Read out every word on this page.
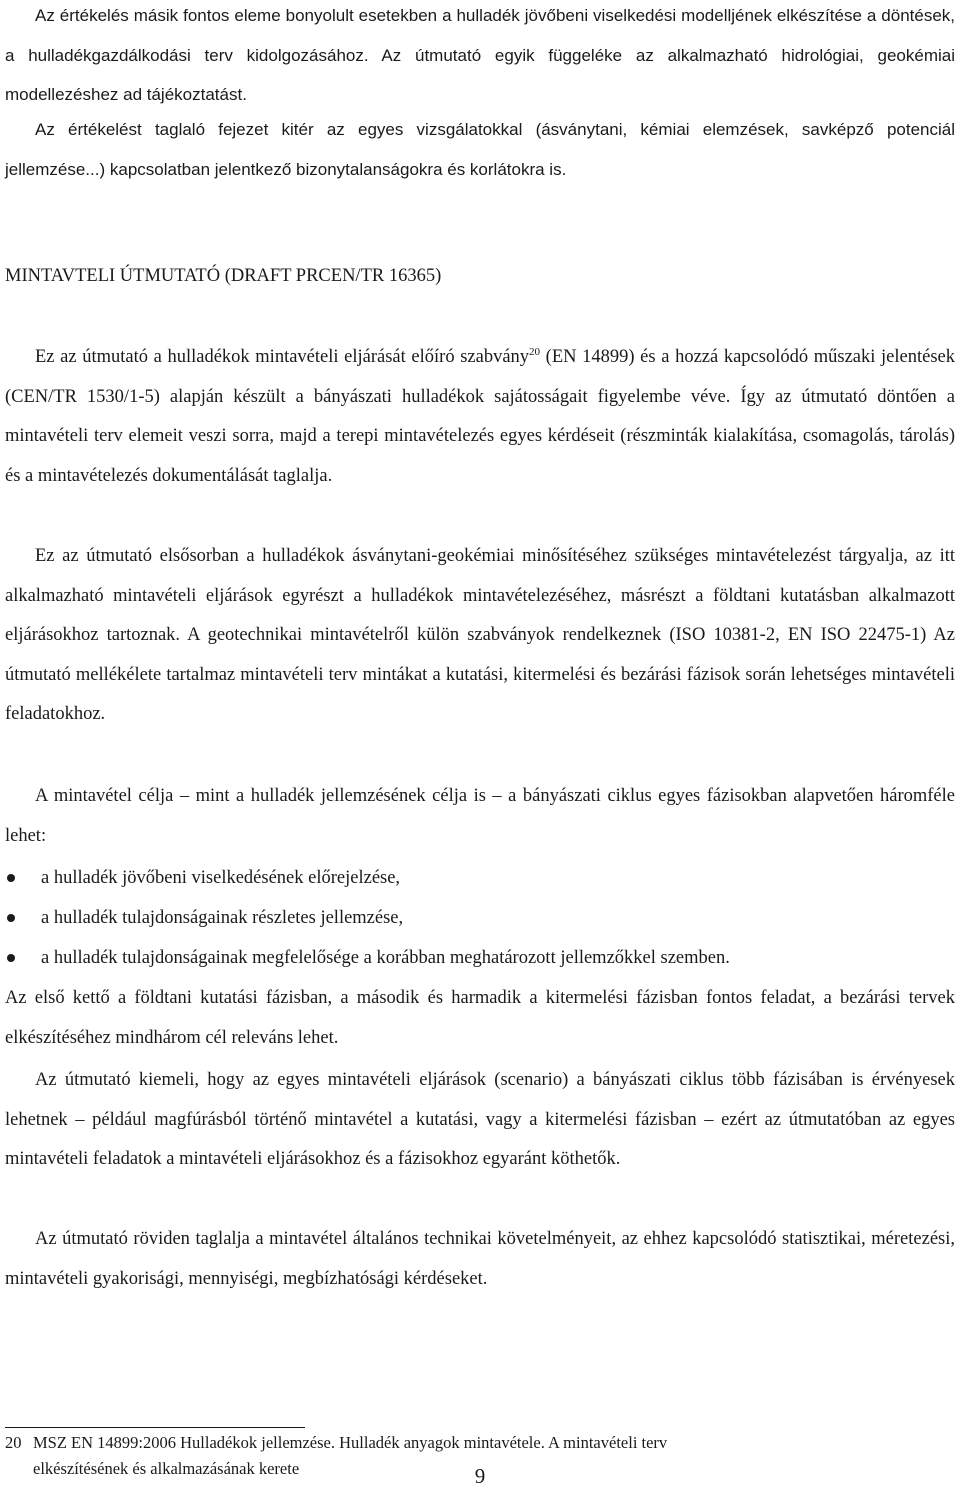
Az értékelés másik fontos eleme bonyolult esetekben a hulladék jövőbeni viselkedési modelljének elkészítése a döntések, a hulladékgazdálkodási terv kidolgozásához. Az útmutató egyik függeléke az alkalmazható hidrológiai, geokémiai modellezéshez ad tájékoztatást.

Az értékelést taglaló fejezet kitér az egyes vizsgálatokkal (ásványtani, kémiai elemzések, savképző potenciál jellemzése...) kapcsolatban jelentkező bizonytalanságokra és korlátokra is.

MINTAVTELI ÚTMUTATÓ (DRAFT PRCEN/TR 16365)

Ez az útmutató a hulladékok mintavételi eljárását előíró szabvány$^{20}$ (EN 14899) és a hozzá kapcsolódó műszaki jelentések (CEN/TR 1530/1-5) alapján készült a bányászati hulladékok sajátosságait figyelembe véve. Így az útmutató döntően a mintavételi terv elemeit veszi sorra, majd a terepi mintavételezés egyes kérdéseit (részminták kialakítása, csomagolás, tárolás) és a mintavételezés dokumentálását taglalja.

Ez az útmutató elsősorban a hulladékok ásványtani-geokémiai minősítéséhez szükséges mintavételezést tárgyalja, az itt alkalmazható mintavételi eljárások egyrészt a hulladékok mintavételezéséhez, másrészt a földtani kutatásban alkalmazott eljárásokhoz tartoznak. A geotechnikai mintavételről külön szabványok rendelkeznek (ISO 10381-2, EN ISO 22475-1) Az útmutató mellékélete tartalmaz mintavételi terv mintákat a kutatási, kitermelési és bezárási fázisok során lehetséges mintavételi feladatokhoz.

A mintavétel célja – mint a hulladék jellemzésének célja is – a bányászati ciklus egyes fázisokban alapvetően háromféle lehet:

a hulladék jövőbeni viselkedésének előrejelzése,
a hulladék tulajdonságainak részletes jellemzése,
a hulladék tulajdonságainak megfelelősége a korábban meghatározott jellemzőkkel szemben.

Az első kettő a földtani kutatási fázisban, a második és harmadik a kitermelési fázisban fontos feladat, a bezárási tervek elkészítéséhez mindhárom cél releváns lehet.

Az útmutató kiemeli, hogy az egyes mintavételi eljárások (scenario) a bányászati ciklus több fázisában is érvényesek lehetnek – például magfúrásból történő mintavétel a kutatási, vagy a kitermelési fázisban – ezért az útmutatóban az egyes mintavételi feladatok a mintavételi eljárásokhoz és a fázisokhoz egyaránt köthetők.

Az útmutató röviden taglalja a mintavétel általános technikai követelményeit, az ehhez kapcsolódó statisztikai, méretezési, mintavételi gyakorisági, mennyiségi, megbízhatósági kérdéseket.

20 MSZ EN 14899:2006 Hulladékok jellemzése. Hulladék anyagok mintavétele. A mintavételi terv
elkészítésének és alkalmazásának kerete	9
